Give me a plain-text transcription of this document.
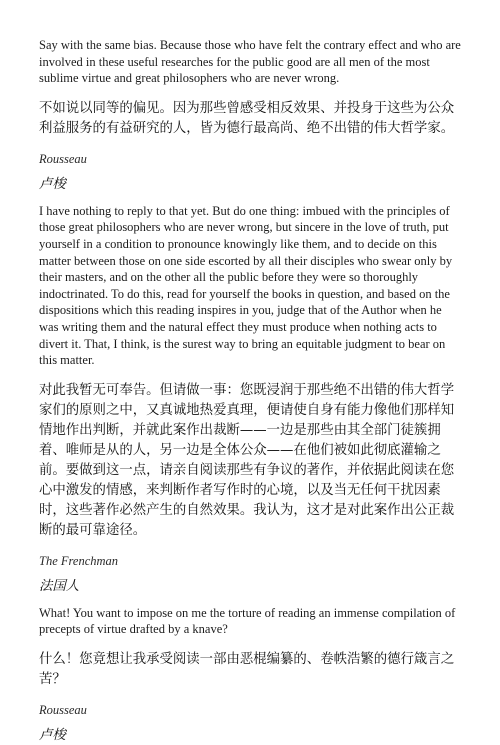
Say with the same bias. Because those who have felt the contrary effect and who are involved in these useful researches for the public good are all men of the most sublime virtue and great philosophers who are never wrong.

不如说以同等的偏见。因为那些曾感受相反效果、并投身于这些为公众利益服务的有益研究的人，皆为德行最高尚、绝不出错的伟大哲学家。

Rousseau

卢梭

I have nothing to reply to that yet. But do one thing: imbued with the principles of those great philosophers who are never wrong, but sincere in the love of truth, put yourself in a condition to pronounce knowingly like them, and to decide on this matter between those on one side escorted by all their disciples who swear only by their masters, and on the other all the public before they were so thoroughly indoctrinated. To do this, read for yourself the books in question, and based on the dispositions which this reading inspires in you, judge that of the Author when he was writing them and the natural effect they must produce when nothing acts to divert it. That, I think, is the surest way to bring an equitable judgment to bear on this matter.

对此我暂无可奉告。但请做一事：您既浸润于那些绝不出错的伟大哲学家们的原则之中，又真诚地热爱真理，便请使自身有能力像他们那样知情地作出判断，并就此案作出裁断——一边是那些由其全部门徒簇拥着、唯师是从的人，另一边是全体公众——在他们被如此彻底灌输之前。要做到这一点，请亲自阅读那些有争议的著作，并依据此阅读在您心中激发的情感，来判断作者写作时的心境，以及当无任何干扰因素时，这些著作必然产生的自然效果。我认为，这才是对此案作出公正裁断的最可靠途径。

The Frenchman

法国人

What! You want to impose on me the torture of reading an immense compilation of precepts of virtue drafted by a knave?

什么！您竟想让我承受阅读一部由恶棍编纂的、卷帙浩繁的德行箴言之苦？

Rousseau

卢梭
